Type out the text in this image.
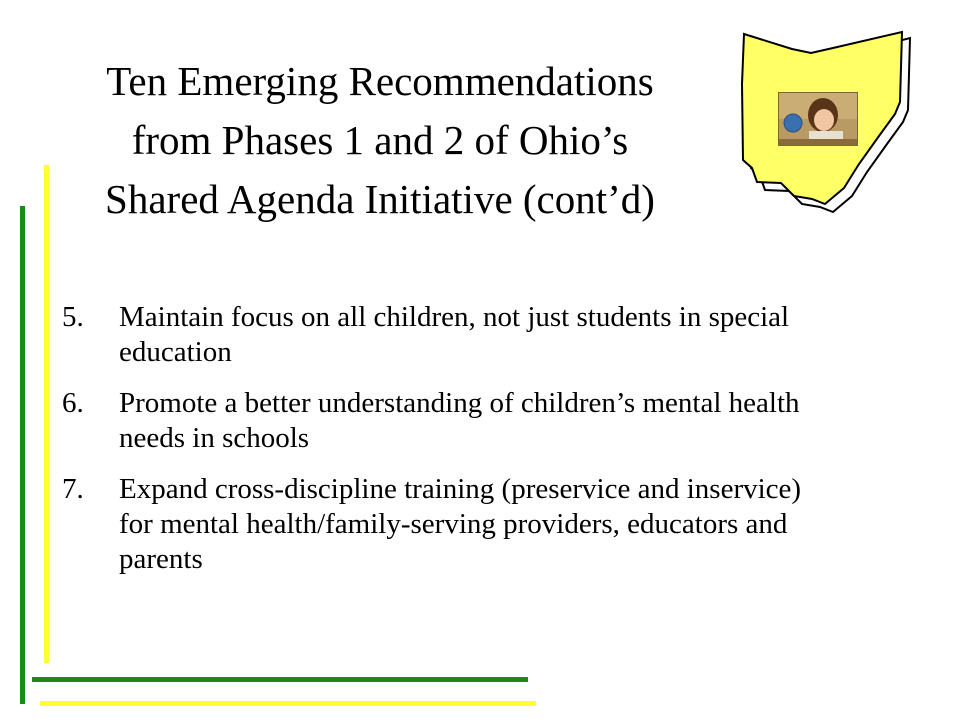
Ten Emerging Recommendations
from Phases 1 and 2 of Ohio’s
Shared Agenda Initiative (cont’d)
5. Maintain focus on all children, not just students in special
education
6. Promote a better understanding of children’s mental health
needs in schools
7. Expand cross-discipline training (preservice and inservice)
for mental health/family-serving providers, educators and
parents
